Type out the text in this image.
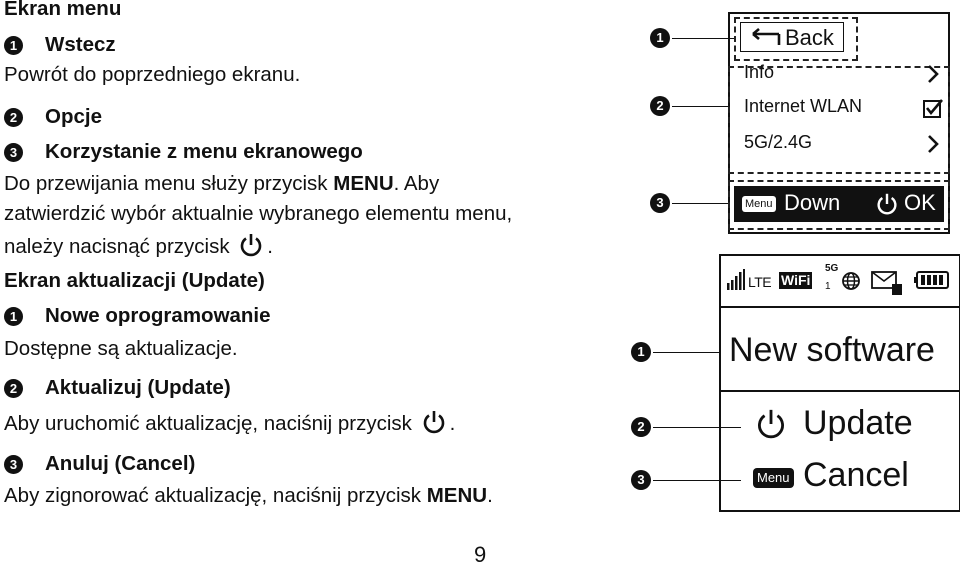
Ekran menu
1 Wstecz
Powrót do poprzedniego ekranu.
2 Opcje
3 Korzystanie z menu ekranowego
Do przewijania menu służy przycisk MENU. Aby
zatwierdzić wybór aktualnie wybranego elementu menu,
należy nacisnąć przycisk .
Ekran aktualizacji (Update)
1 Nowe oprogramowanie
Dostępne są aktualizacje.
2 Aktualizuj (Update)
Aby uruchomić aktualizację, naciśnij przycisk .
3 Anuluj (Cancel)
Aby zignorować aktualizację, naciśnij przycisk MENU.
9
1
2
3
Back
Info
Internet WLAN
5G/2.4G
Menu Down	OK
1
2
3
LTE WiFi
5G
1
New software
Update
Menu Cancel
